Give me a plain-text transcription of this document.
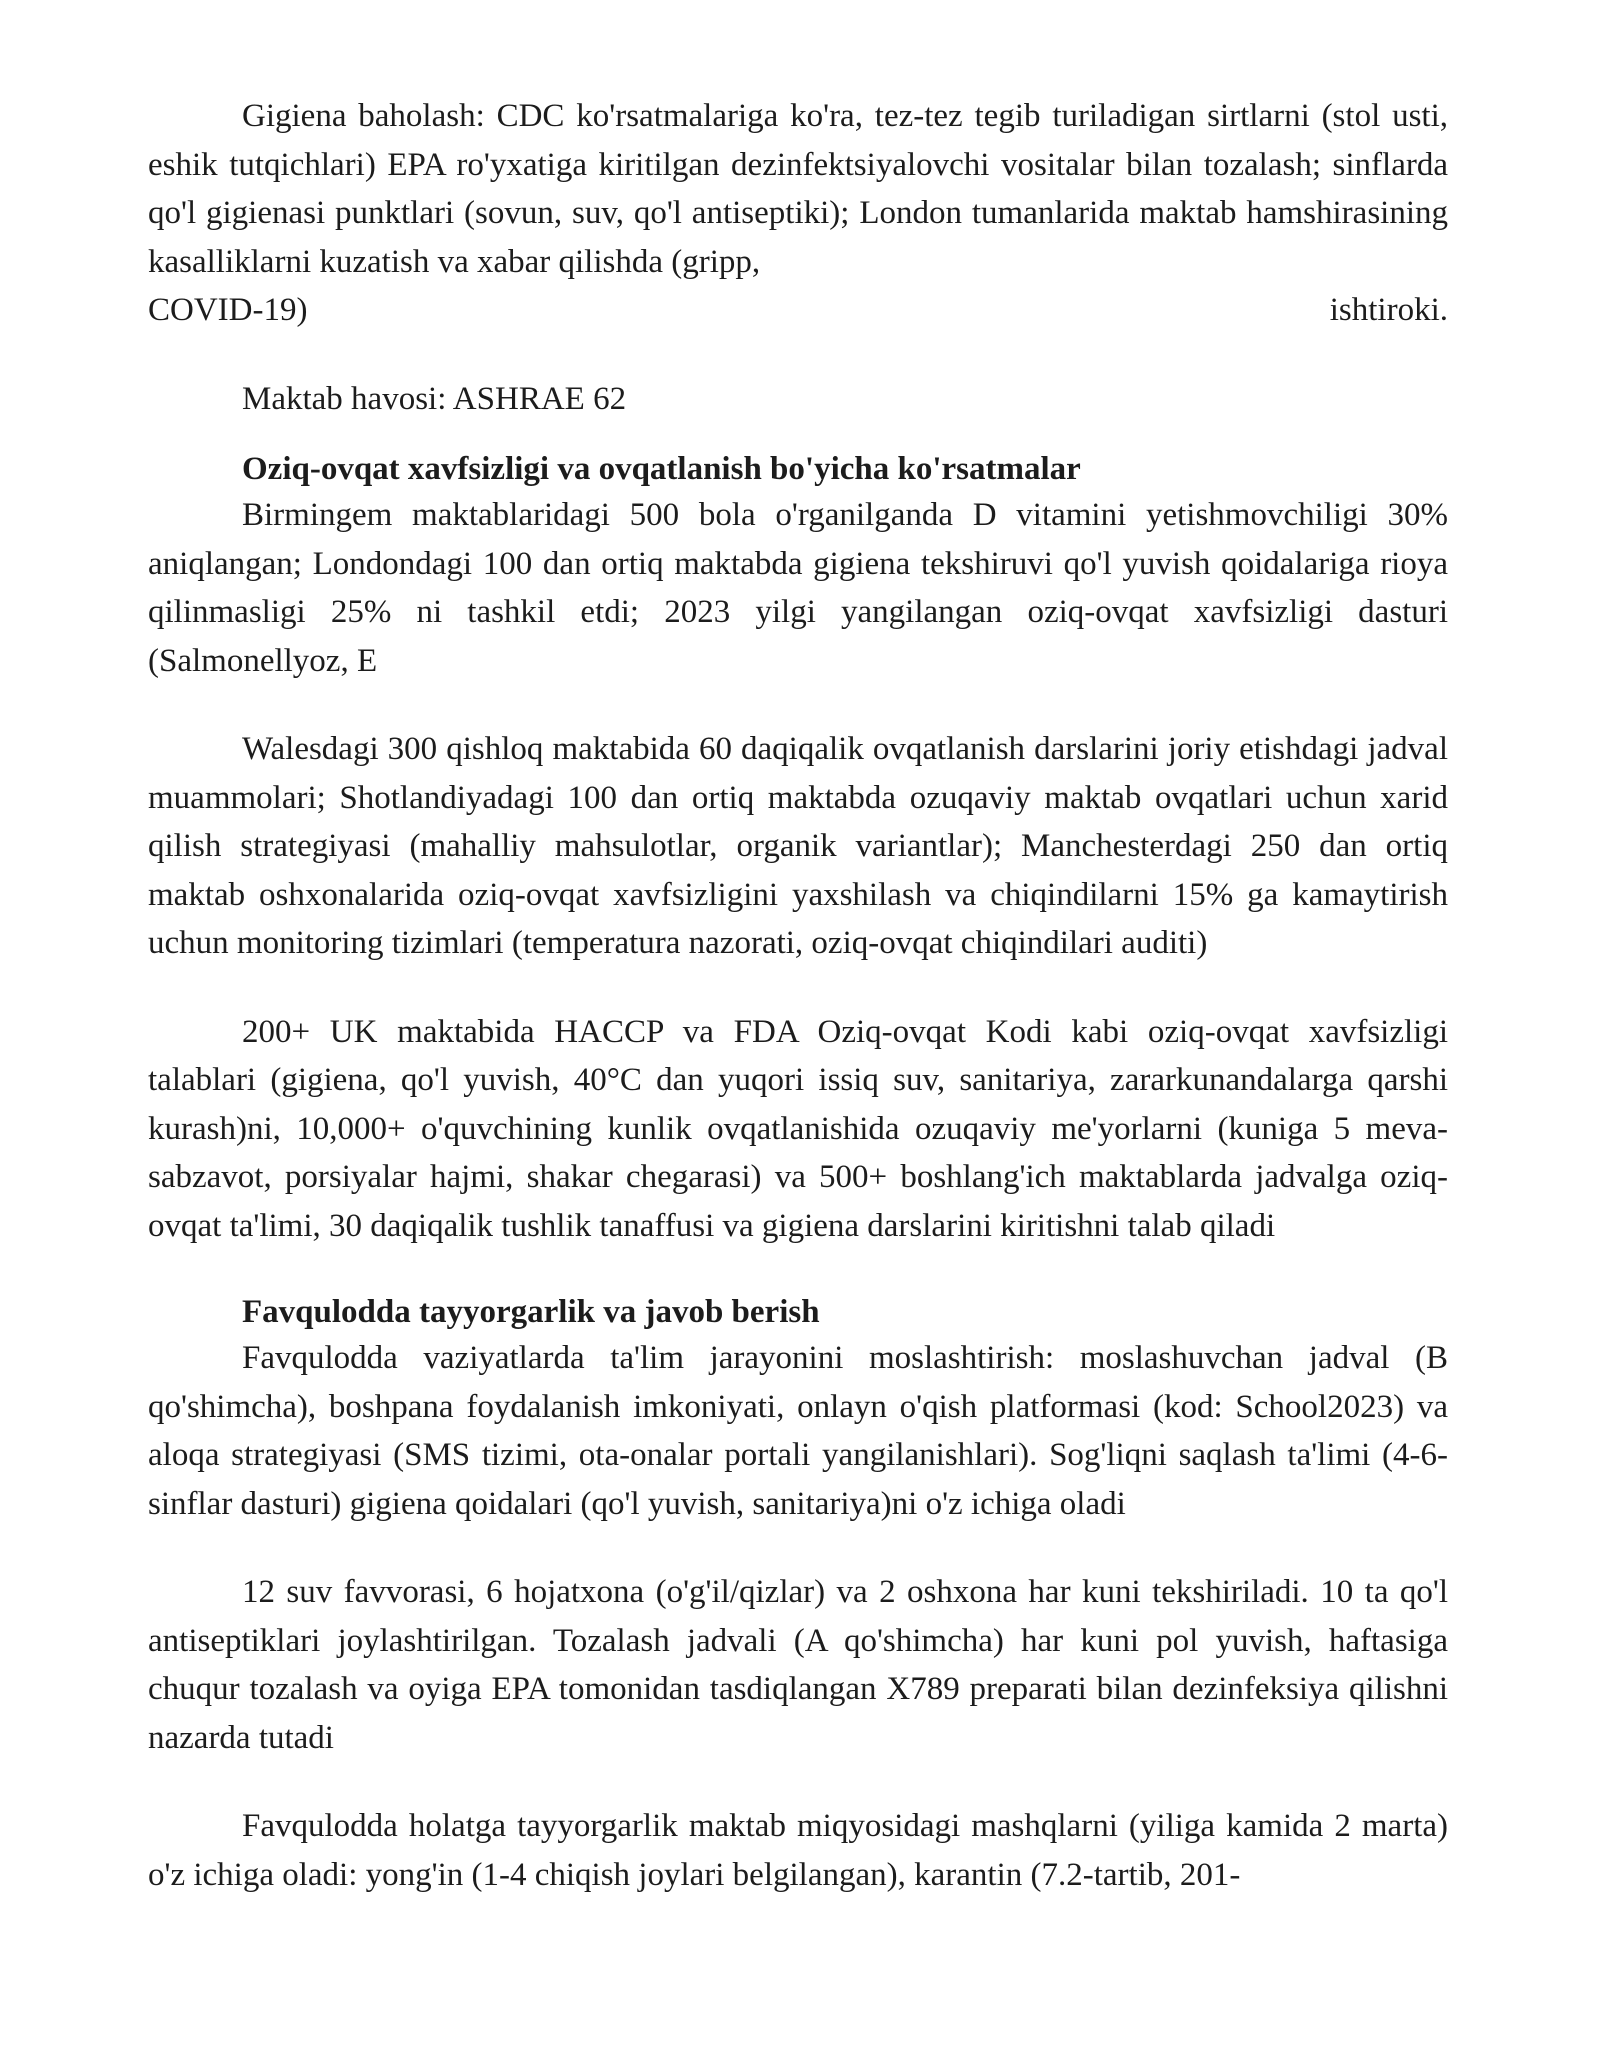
Gigiena baholash: CDC ko'rsatmalariga ko'ra, tez-tez tegib turiladigan sirtlarni (stol usti, eshik tutqichlari) EPA ro'yxatiga kiritilgan dezinfektsiyalovchi vositalar bilan tozalash; sinflarda qo'l gigienasi punktlari (sovun, suv, qo'l antiseptiki); London tumanlarida maktab hamshirasining kasalliklarni kuzatish va xabar qilishda (gripp,

COVID-19)	ishtiroki.

Maktab havosi: ASHRAE 62

Oziq-ovqat xavfsizligi va ovqatlanish bo'yicha ko'rsatmalar

Birmingem maktablaridagi 500 bola o'rganilganda D vitamini yetishmovchiligi 30% aniqlangan; Londondagi 100 dan ortiq maktabda gigiena tekshiruvi qo'l yuvish qoidalariga rioya qilinmasligi 25% ni tashkil etdi; 2023 yilgi yangilangan oziq-ovqat xavfsizligi dasturi (Salmonellyoz, E

Walesdagi 300 qishloq maktabida 60 daqiqalik ovqatlanish darslarini joriy etishdagi jadval muammolari; Shotlandiyadagi 100 dan ortiq maktabda ozuqaviy maktab ovqatlari uchun xarid qilish strategiyasi (mahalliy mahsulotlar, organik variantlar); Manchesterdagi 250 dan ortiq maktab oshxonalarida oziq-ovqat xavfsizligini yaxshilash va chiqindilarni 15% ga kamaytirish uchun monitoring tizimlari (temperatura nazorati, oziq-ovqat chiqindilari auditi)

200+ UK maktabida HACCP va FDA Oziq-ovqat Kodi kabi oziq-ovqat xavfsizligi talablari (gigiena, qo'l yuvish, 40°C dan yuqori issiq suv, sanitariya, zararkunandalarga qarshi kurash)ni, 10,000+ o'quvchining kunlik ovqatlanishida ozuqaviy me'yorlarni (kuniga 5 meva-sabzavot, porsiyalar hajmi, shakar chegarasi) va 500+ boshlang'ich maktablarda jadvalga oziq-ovqat ta'limi, 30 daqiqalik tushlik tanaffusi va gigiena darslarini kiritishni talab qiladi

Favqulodda tayyorgarlik va javob berish

Favqulodda vaziyatlarda ta'lim jarayonini moslashtirish: moslashuvchan jadval (B qo'shimcha), boshpana foydalanish imkoniyati, onlayn o'qish platformasi (kod: School2023) va aloqa strategiyasi (SMS tizimi, ota-onalar portali yangilanishlari). Sog'liqni saqlash ta'limi (4-6-sinflar dasturi) gigiena qoidalari (qo'l yuvish, sanitariya)ni o'z ichiga oladi

12 suv favvorasi, 6 hojatxona (o'g'il/qizlar) va 2 oshxona har kuni tekshiriladi. 10 ta qo'l antiseptiklari joylashtirilgan. Tozalash jadvali (A qo'shimcha) har kuni pol yuvish, haftasiga chuqur tozalash va oyiga EPA tomonidan tasdiqlangan X789 preparati bilan dezinfeksiya qilishni nazarda tutadi

Favqulodda holatga tayyorgarlik maktab miqyosidagi mashqlarni (yiliga kamida 2 marta) o'z ichiga oladi: yong'in (1-4 chiqish joylari belgilangan), karantin (7.2-tartib, 201-
